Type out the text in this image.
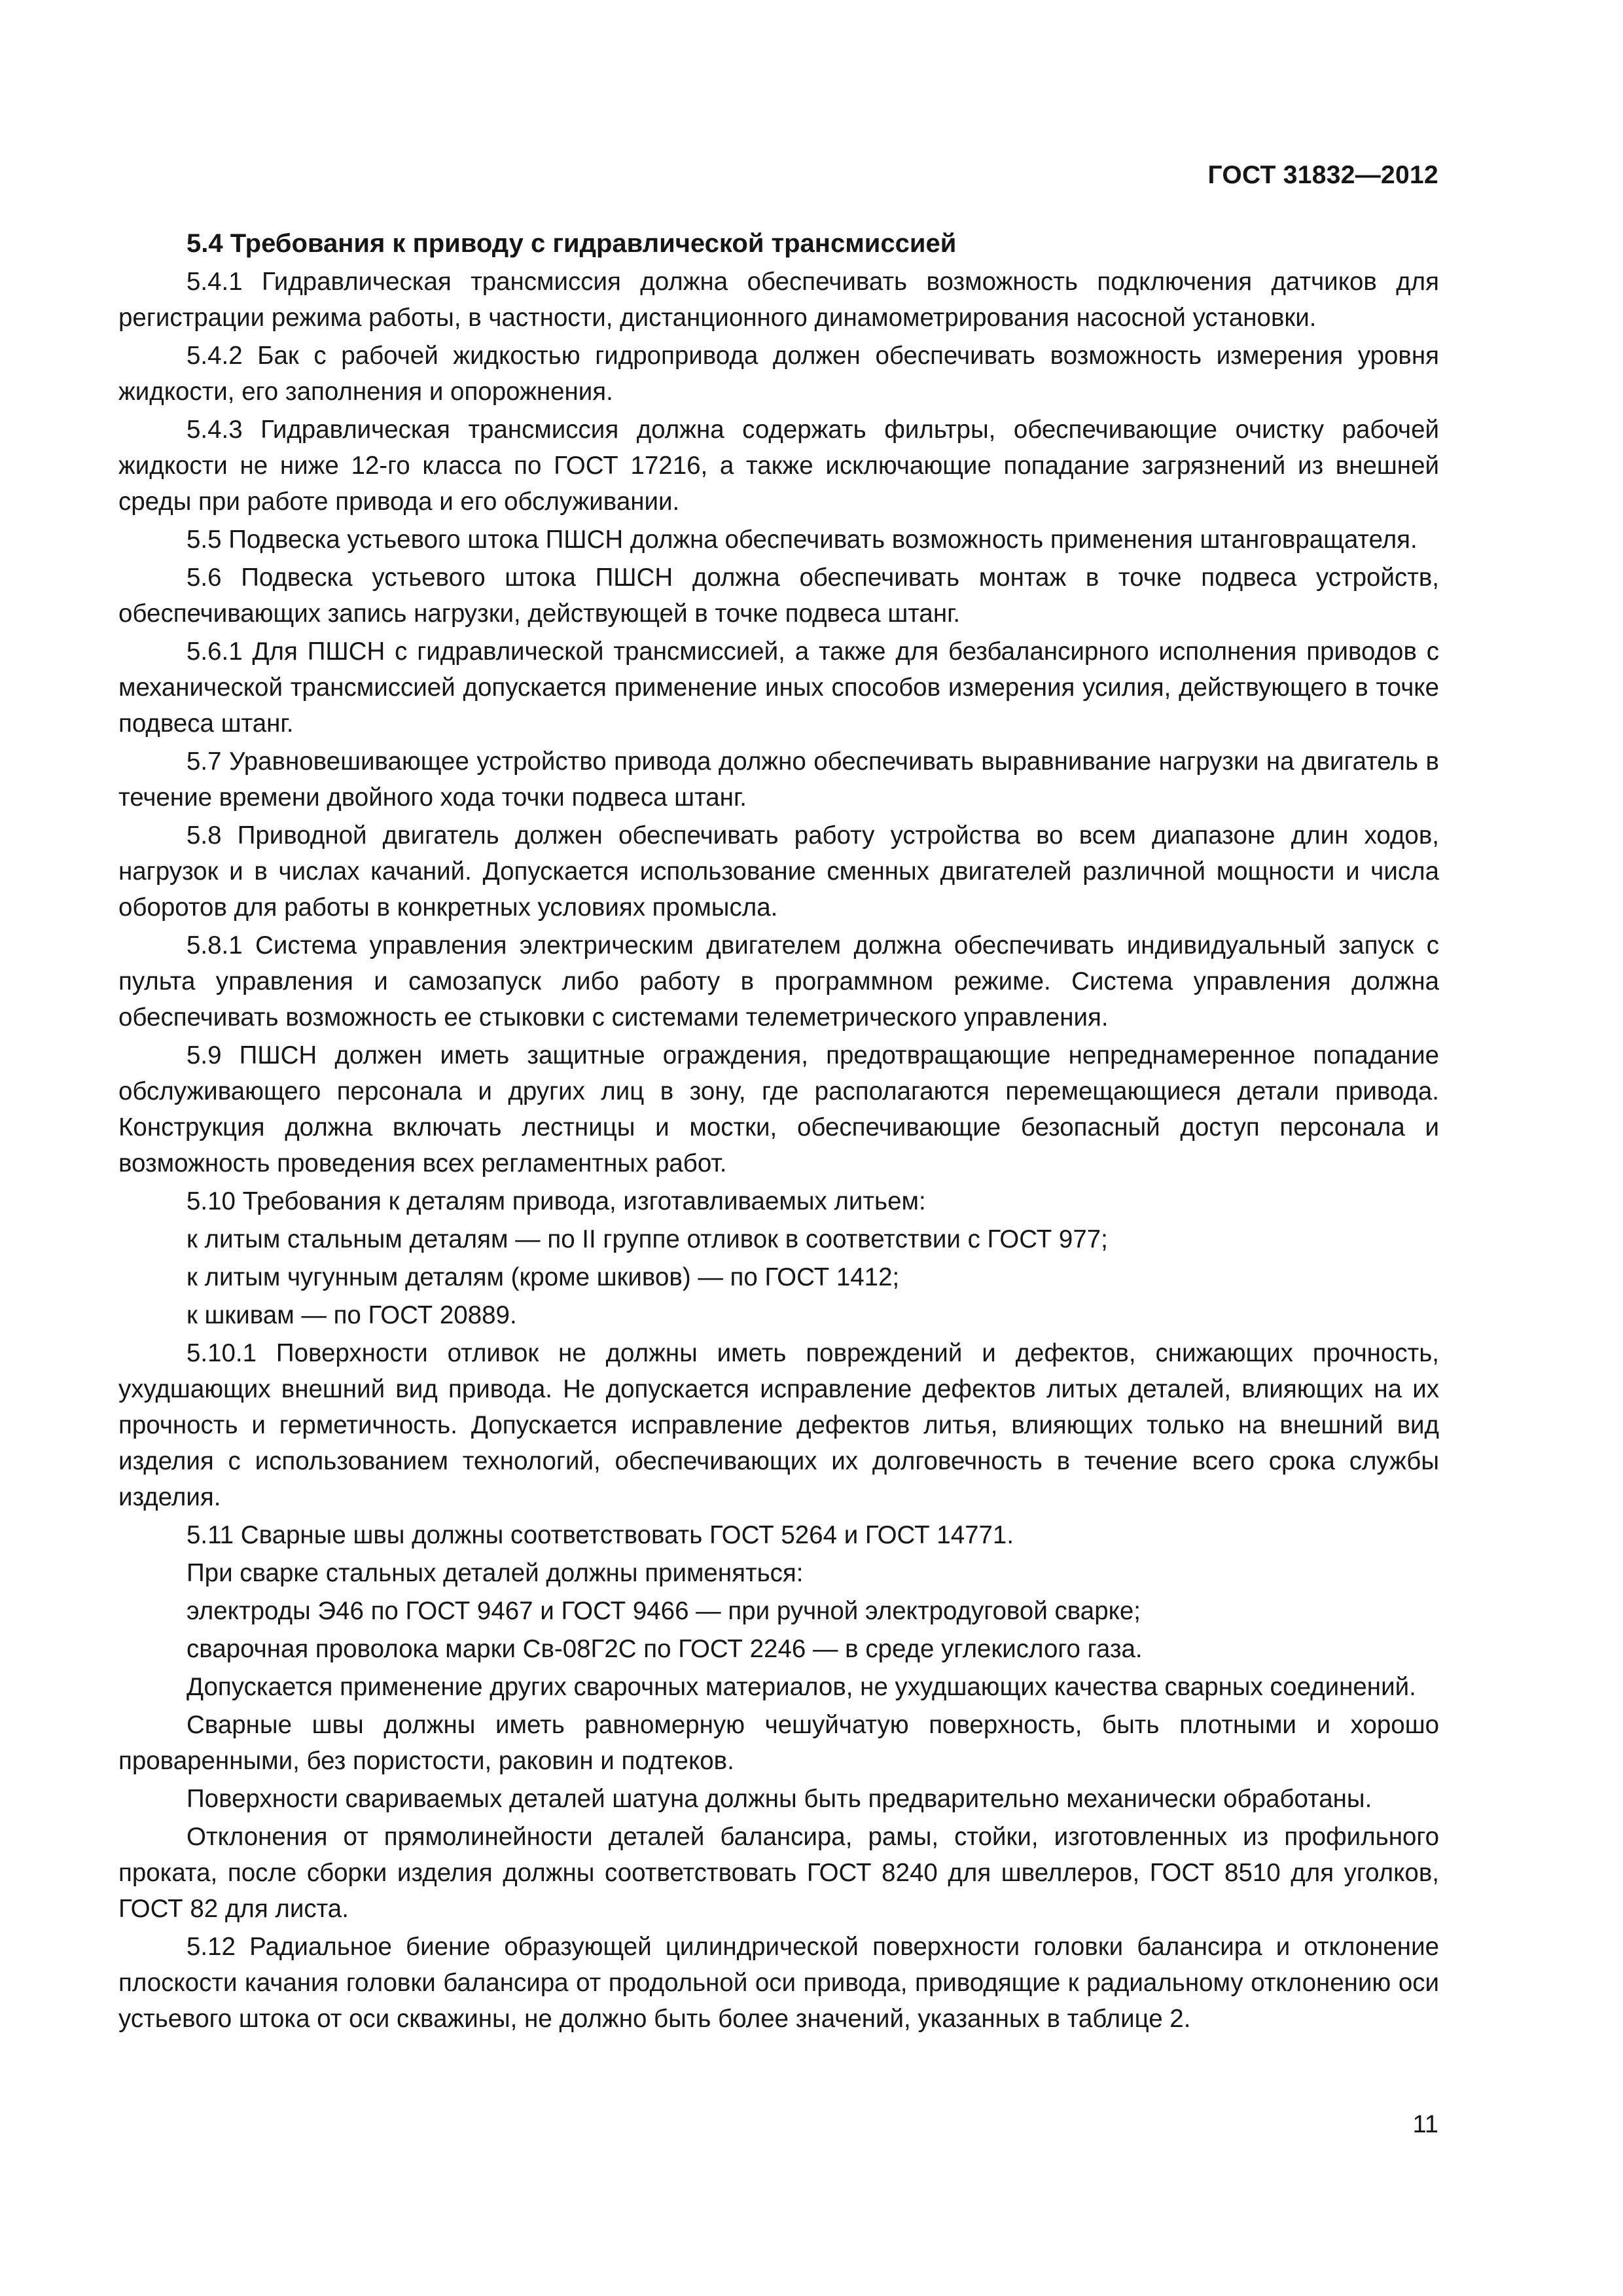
ГОСТ 31832—2012
5.4 Требования к приводу с гидравлической трансмиссией
5.4.1 Гидравлическая трансмиссия должна обеспечивать возможность подключения датчиков для регистрации режима работы, в частности, дистанционного динамометрирования насосной установки.
5.4.2 Бак с рабочей жидкостью гидропривода должен обеспечивать возможность измерения уровня жидкости, его заполнения и опорожнения.
5.4.3 Гидравлическая трансмиссия должна содержать фильтры, обеспечивающие очистку рабочей жидкости не ниже 12-го класса по ГОСТ 17216, а также исключающие попадание загрязнений из внешней среды при работе привода и его обслуживании.
5.5 Подвеска устьевого штока ПШСН должна обеспечивать возможность применения штанговращателя.
5.6 Подвеска устьевого штока ПШСН должна обеспечивать монтаж в точке подвеса устройств, обеспечивающих запись нагрузки, действующей в точке подвеса штанг.
5.6.1 Для ПШСН с гидравлической трансмиссией, а также для безбалансирного исполнения приводов с механической трансмиссией допускается применение иных способов измерения усилия, действующего в точке подвеса штанг.
5.7 Уравновешивающее устройство привода должно обеспечивать выравнивание нагрузки на двигатель в течение времени двойного хода точки подвеса штанг.
5.8 Приводной двигатель должен обеспечивать работу устройства во всем диапазоне длин ходов, нагрузок и в числах качаний. Допускается использование сменных двигателей различной мощности и числа оборотов для работы в конкретных условиях промысла.
5.8.1 Система управления электрическим двигателем должна обеспечивать индивидуальный запуск с пульта управления и самозапуск либо работу в программном режиме. Система управления должна обеспечивать возможность ее стыковки с системами телеметрического управления.
5.9 ПШСН должен иметь защитные ограждения, предотвращающие непреднамеренное попадание обслуживающего персонала и других лиц в зону, где располагаются перемещающиеся детали привода. Конструкция должна включать лестницы и мостки, обеспечивающие безопасный доступ персонала и возможность проведения всех регламентных работ.
5.10 Требования к деталям привода, изготавливаемых литьем:
к литым стальным деталям — по II группе отливок в соответствии с ГОСТ 977;
к литым чугунным деталям (кроме шкивов) — по ГОСТ 1412;
к шкивам — по ГОСТ 20889.
5.10.1 Поверхности отливок не должны иметь повреждений и дефектов, снижающих прочность, ухудшающих внешний вид привода. Не допускается исправление дефектов литых деталей, влияющих на их прочность и герметичность. Допускается исправление дефектов литья, влияющих только на внешний вид изделия с использованием технологий, обеспечивающих их долговечность в течение всего срока службы изделия.
5.11 Сварные швы должны соответствовать ГОСТ 5264 и ГОСТ 14771.
При сварке стальных деталей должны применяться:
электроды Э46 по ГОСТ 9467 и ГОСТ 9466 — при ручной электродуговой сварке;
сварочная проволока марки Св-08Г2С по ГОСТ 2246 — в среде углекислого газа.
Допускается применение других сварочных материалов, не ухудшающих качества сварных соединений.
Сварные швы должны иметь равномерную чешуйчатую поверхность, быть плотными и хорошо проваренными, без пористости, раковин и подтеков.
Поверхности свариваемых деталей шатуна должны быть предварительно механически обработаны.
Отклонения от прямолинейности деталей балансира, рамы, стойки, изготовленных из профильного проката, после сборки изделия должны соответствовать ГОСТ 8240 для швеллеров, ГОСТ 8510 для уголков, ГОСТ 82 для листа.
5.12 Радиальное биение образующей цилиндрической поверхности головки балансира и отклонение плоскости качания головки балансира от продольной оси привода, приводящие к радиальному отклонению оси устьевого штока от оси скважины, не должно быть более значений, указанных в таблице 2.
11
